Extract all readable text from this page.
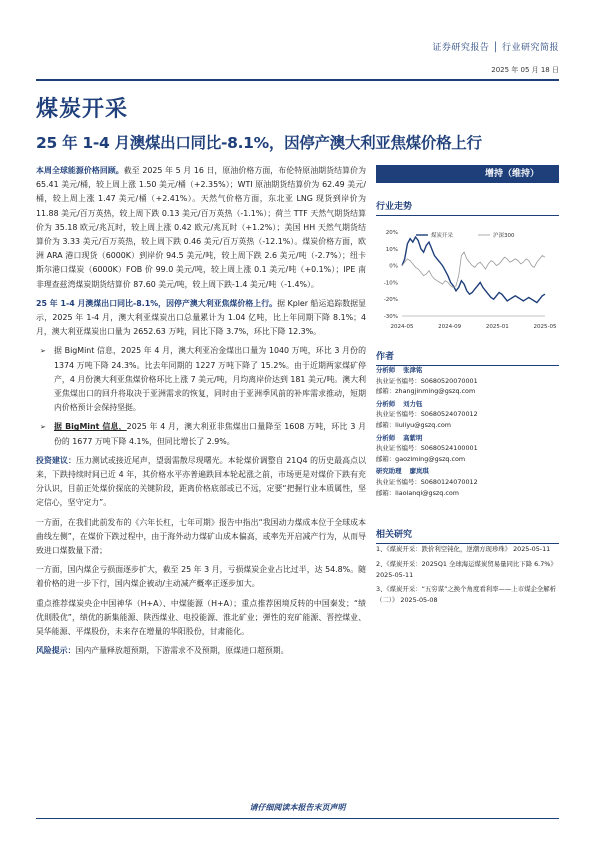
证券研究报告 │ 行业研究简报
2025 年 05 月 18 日
煤炭开采
25 年 1-4 月澳煤出口同比-8.1%，因停产澳大利亚焦煤价格上行

本周全球能源价格回顾。截至 2025 年 5 月 16 日，原油价格方面，布伦特原油期货结算价为 65.41 美元/桶，较上周上涨 1.50 美元/桶（+2.35%）；WTI 原油期货结算价为 62.49 美元/桶，较上周上涨 1.47 美元/桶（+2.41%）。天然气价格方面，东北亚 LNG 现货到岸价为 11.88 美元/百万英热，较上周下跌 0.13 美元/百万英热（-1.1%）；荷兰 TTF 天然气期货结算价为 35.18 欧元/兆瓦时，较上周上涨 0.42 欧元/兆瓦时（+1.2%）；美国 HH 天然气期货结算价为 3.33 美元/百万英热，较上周下跌 0.46 美元/百万英热（-12.1%）。煤炭价格方面，欧洲 ARA 港口现货（6000K）到岸价 94.5 美元/吨，较上周下跌 2.6 美元/吨（-2.7%）；纽卡斯尔港口煤炭（6000K）FOB 价 99.0 美元/吨，较上周上涨 0.1 美元/吨（+0.1%）；IPE 南非理查兹湾煤炭期货结算价 87.60 美元/吨，较上周下跌-1.4 美元/吨（-1.4%）。

25 年 1-4 月澳煤出口同比-8.1%，因停产澳大利亚焦煤价格上行。据 Kpler 船运追踪数据显示，2025 年 1-4 月，澳大利亚煤炭出口总量累计为 1.04 亿吨，比上年同期下降 8.1%；4 月，澳大利亚煤炭出口量为 2652.63 万吨，同比下降 3.7%，环比下降 12.3%。

➢ 据 BigMint 信息，2025 年 4 月，澳大利亚冶金煤出口量为 1040 万吨，环比 3 月份的 1374 万吨下降 24.3%。比去年同期的 1227 万吨下降了 15.2%。由于近期两家煤矿停产，4 月份澳大利亚焦煤价格环比上涨 7 美元/吨，月均离岸价达到 181 美元/吨。澳大利亚焦煤出口的回升将取决于亚洲需求的恢复，同时由于亚洲季风前的补库需求推动，短期内价格预计会保持坚挺。

➢ 据 BigMint 信息，2025 年 4 月，澳大利亚非焦煤出口量降至 1608 万吨，环比 3 月份的 1677 万吨下降 4.1%，但同比增长了 2.9%。

投资建议：压力测试或接近尾声，望弱需散尽现曙光。本轮煤价调整自 21Q4 的历史最高点以来，下跌持续时间已近 4 年，其价格水平亦普遍跌回本轮起涨之前，市场更是对煤价下跌有充分认识，目前正处煤价探底的关键阶段，距离价格底部或已不远，定要“把握行业本质属性，坚定信心，坚守定力”。

一方面，在我们此前发布的《六年长杠，七年可期》报告中指出“我国动力煤成本位于全球成本曲线左侧”，在煤价下跌过程中，由于海外动力煤矿山成本偏高，或率先开启减产行为，从而导致进口煤数量下滑；

一方面，国内煤企亏损面逐步扩大，截至 25 年 3 月，亏损煤炭企业占比过半，达 54.8%。随着价格的进一步下行，国内煤企被动/主动减产概率正逐步加大。

重点推荐煤炭央企中国神华（H+A）、中煤能源（H+A）；重点推荐困境反转的中国秦发；“绩优則股优”，绩优的新集能源、陕西煤业、电投能源、淮北矿业；弹性的兖矿能源、晋控煤业、昊华能源、平煤股份，未来存在增量的华阳股份，甘肃能化。

风险提示：国内产量释放超预期，下游需求不及预期，原煤进口超预期。

增持（维持）
行业走势
20%
10%
0%
-10%
-20%
-30%
2024-05	2024-09	2025-01	2025-05
煤炭开采	沪深300
作者
分析师 张津铭
执业证书编号：S0680520070001
邮箱：zhangjinming@gszq.com
分析师 刘力钰
执业证书编号：S0680524070012
邮箱：liuliyu@gszq.com
分析师 高紫明
执业证书编号：S0680524100001
邮箱：gaoziming@gszq.com
研究助理 廖岚琪
执业证书编号：S0680124070012
邮箱：liaolanqi@gszq.com
相关研究
1、《煤炭开采：跌价利空钝化，逆潮方现珍珠》 2025-05-11
2、《煤炭开采：2025Q1 全球海运煤炭贸易量同比下降 6.7%》 2025-05-11
3、《煤炭开采：“五穷谋”之换个角度看利率——上市煤企全解析（二）》 2025-05-08
请仔细阅读本报告末页声明
